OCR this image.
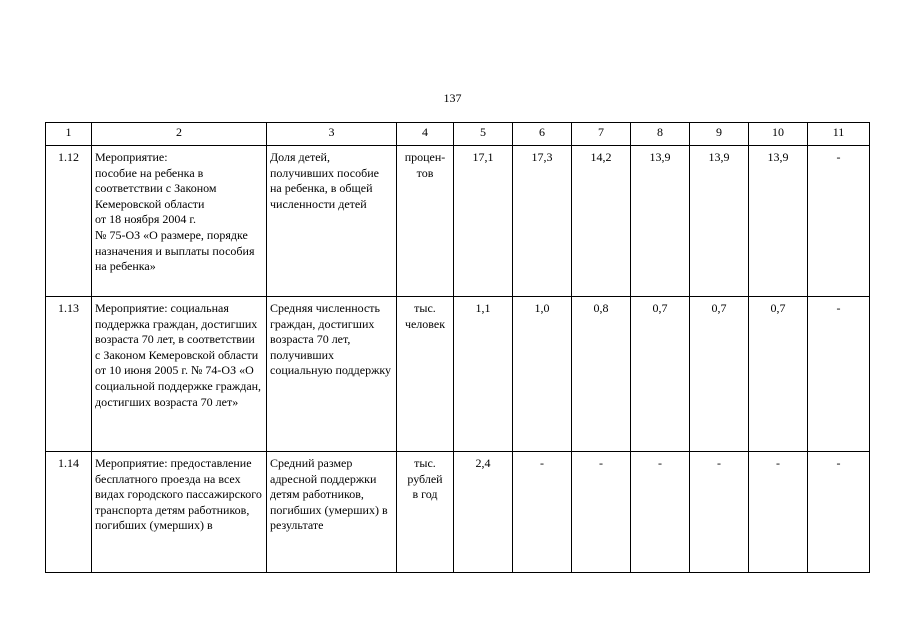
137
1	2	3	4	5	6	7	8	9	10	11
1.12	Мероприятие:
пособие на ребенка в соответствии с Законом Кемеровской области
от 18 ноября 2004 г.
№ 75-ОЗ «О размере, порядке назначения и выплаты пособия на ребенка»	Доля детей, получивших пособие на ребенка, в общей численности детей	процен-
тов	17,1	17,3	14,2	13,9	13,9	13,9	-
1.13	Мероприятие: социальная поддержка граждан, достигших возраста 70 лет, в соответствии с Законом Кемеровской области
от 10 июня 2005 г. № 74-ОЗ «О социальной поддержке граждан, достигших возраста 70 лет»	Средняя численность граждан, достигших возраста 70 лет, получивших социальную поддержку	тыс.
человек	1,1	1,0	0,8	0,7	0,7	0,7	-
1.14	Мероприятие: предоставление бесплатного проезда на всех видах городского пассажирского транспорта детям работников, погибших (умерших) в	Средний размер адресной поддержки детям работников, погибших (умерших) в результате	тыс.
рублей
в год	2,4	-	-	-	-	-	-
